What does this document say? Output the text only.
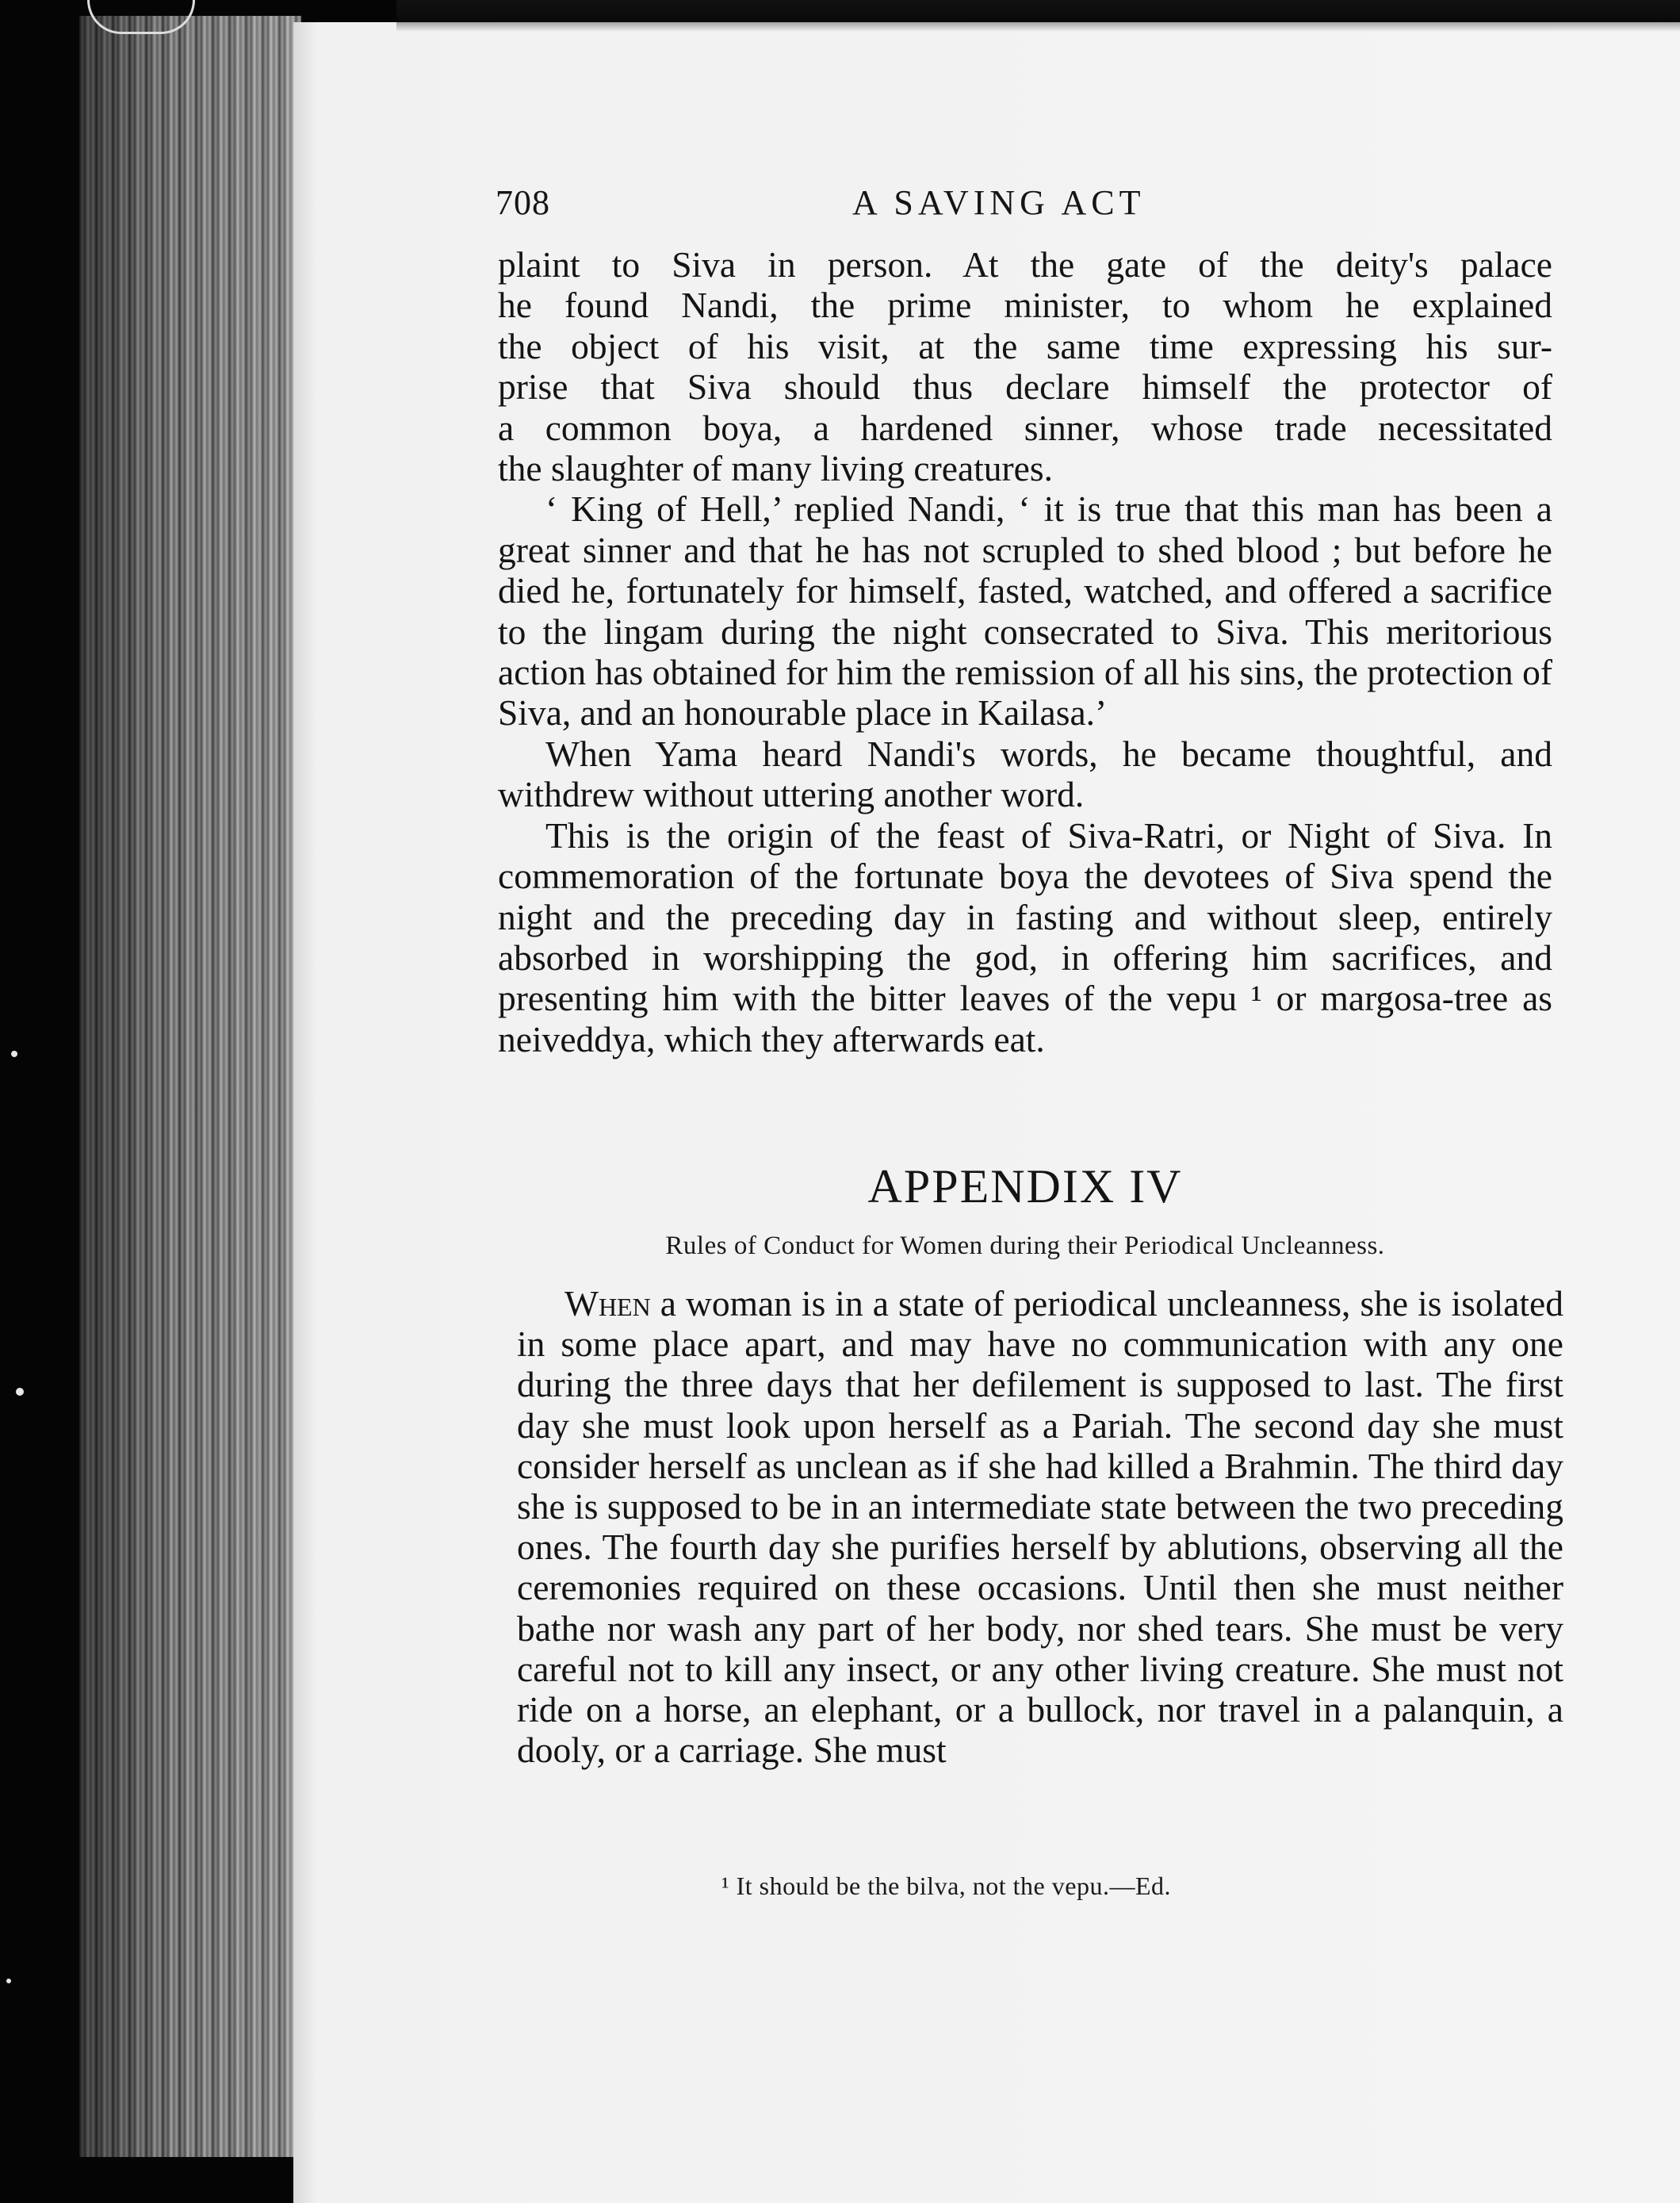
708	A SAVING ACT

plaint to Siva in person. At the gate of the deity's palace
he found Nandi, the prime minister, to whom he explained
the object of his visit, at the same time expressing his sur-
prise that Siva should thus declare himself the protector of
a common boya, a hardened sinner, whose trade necessitated

the slaughter of many living creatures.

‘ King of Hell,’ replied Nandi, ‘ it is true that this man has been a great sinner and that he has not scrupled to shed blood ; but before he died he, fortunately for himself, fasted, watched, and offered a sacrifice to the lingam during the night consecrated to Siva. This meritorious action has obtained for him the remission of all his sins, the protection of Siva, and an honourable place in Kailasa.’

When Yama heard Nandi's words, he became thoughtful, and withdrew without uttering another word.

This is the origin of the feast of Siva-Ratri, or Night of Siva. In commemoration of the fortunate boya the devotees of Siva spend the night and the preceding day in fasting and without sleep, entirely absorbed in worshipping the god, in offering him sacrifices, and presenting him with the bitter leaves of the vepu ¹ or margosa-tree as neiveddya, which they afterwards eat.

APPENDIX IV
Rules of Conduct for Women during their Periodical Uncleanness.

When a woman is in a state of periodical uncleanness, she is isolated in some place apart, and may have no communication with any one during the three days that her defilement is supposed to last. The first day she must look upon herself as a Pariah. The second day she must consider herself as unclean as if she had killed a Brahmin. The third day she is supposed to be in an intermediate state between the two preceding ones. The fourth day she purifies herself by ablutions, observing all the ceremonies required on these occasions. Until then she must neither bathe nor wash any part of her body, nor shed tears. She must be very careful not to kill any insect, or any other living creature. She must not ride on a horse, an elephant, or a bullock, nor travel in a palanquin, a dooly, or a carriage. She must

¹ It should be the bilva, not the vepu.—Ed.
